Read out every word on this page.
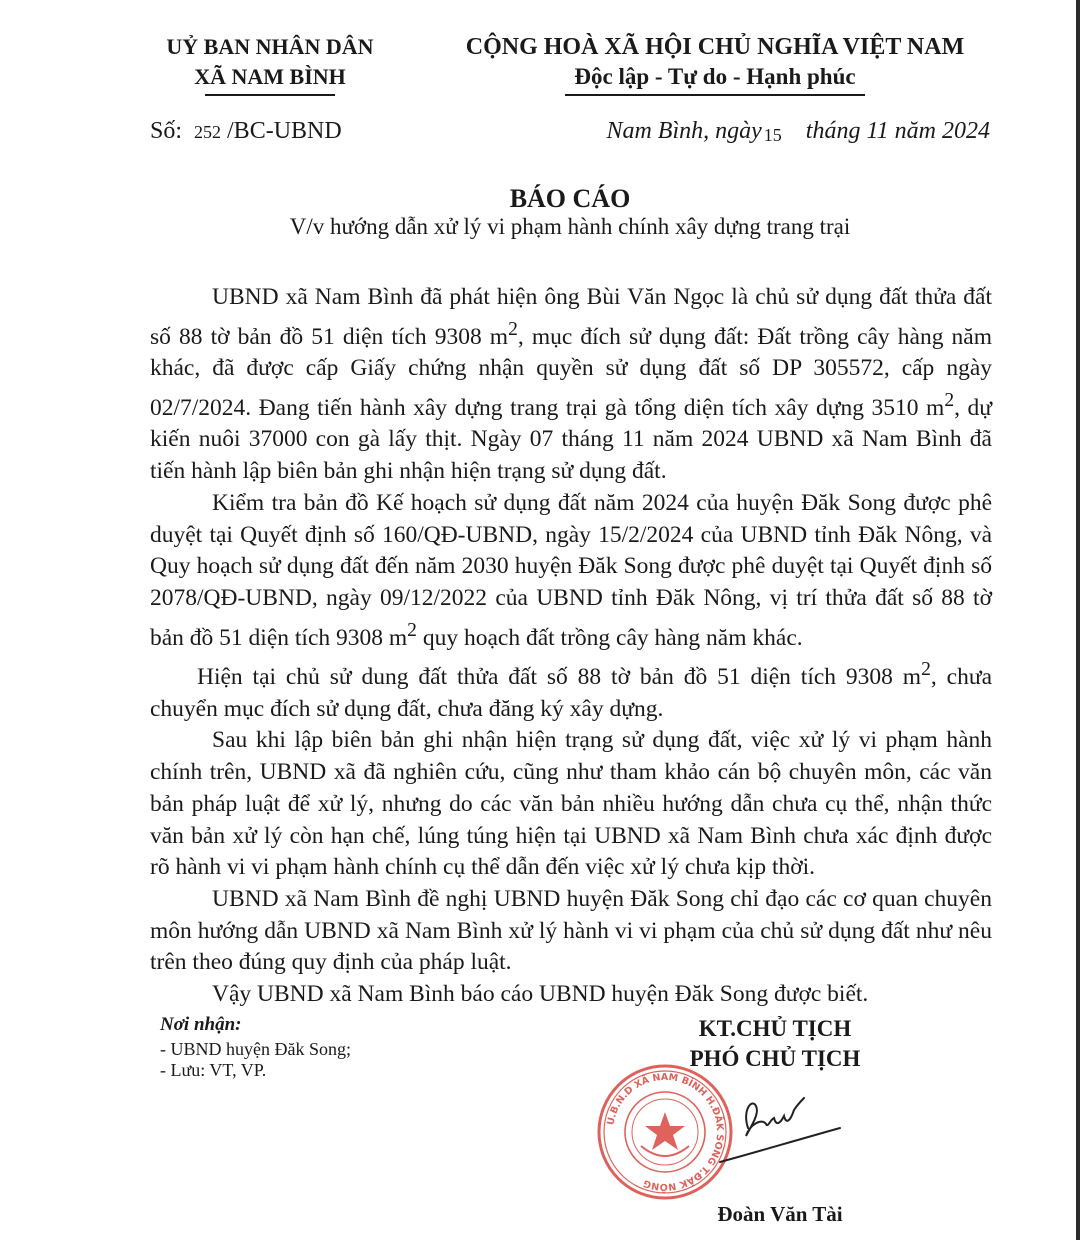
UỶ BAN NHÂN DÂN
XÃ NAM BÌNH
CỘNG HOÀ XÃ HỘI CHỦ NGHĨA VIỆT NAM
Độc lập - Tự do - Hạnh phúc
Số: 252 /BC-UBND	Nam Bình, ngày 15 tháng 11 năm 2024
BÁO CÁO
V/v hướng dẫn xử lý vi phạm hành chính xây dựng trang trại

UBND xã Nam Bình đã phát hiện ông Bùi Văn Ngọc là chủ sử dụng đất thửa đất số 88 tờ bản đồ 51 diện tích 9308 $m^2$, mục đích sử dụng đất: Đất trồng cây hàng năm khác, đã được cấp Giấy chứng nhận quyền sử dụng đất số DP 305572, cấp ngày 02/7/2024. Đang tiến hành xây dựng trang trại gà tổng diện tích xây dựng 3510 $m^2$, dự kiến nuôi 37000 con gà lấy thịt. Ngày 07 tháng 11 năm 2024 UBND xã Nam Bình đã tiến hành lập biên bản ghi nhận hiện trạng sử dụng đất.

Kiểm tra bản đồ Kế hoạch sử dụng đất năm 2024 của huyện Đăk Song được phê duyệt tại Quyết định số 160/QĐ-UBND, ngày 15/2/2024 của UBND tỉnh Đăk Nông, và Quy hoạch sử dụng đất đến năm 2030 huyện Đăk Song được phê duyệt tại Quyết định số 2078/QĐ-UBND, ngày 09/12/2022 của UBND tỉnh Đăk Nông, vị trí thửa đất số 88 tờ bản đồ 51 diện tích 9308 $m^2$ quy hoạch đất trồng cây hàng năm khác.

Hiện tại chủ sử dung đất thửa đất số 88 tờ bản đồ 51 diện tích 9308 $m^2$, chưa chuyển mục đích sử dụng đất, chưa đăng ký xây dựng.

Sau khi lập biên bản ghi nhận hiện trạng sử dụng đất, việc xử lý vi phạm hành chính trên, UBND xã đã nghiên cứu, cũng như tham khảo cán bộ chuyên môn, các văn bản pháp luật để xử lý, nhưng do các văn bản nhiều hướng dẫn chưa cụ thể, nhận thức văn bản xử lý còn hạn chế, lúng túng hiện tại UBND xã Nam Bình chưa xác định được rõ hành vi vi phạm hành chính cụ thể dẫn đến việc xử lý chưa kịp thời.

UBND xã Nam Bình đề nghị UBND huyện Đăk Song chỉ đạo các cơ quan chuyên môn hướng dẫn UBND xã Nam Bình xử lý hành vi vi phạm của chủ sử dụng đất như nêu trên theo đúng quy định của pháp luật.

Vậy UBND xã Nam Bình báo cáo UBND huyện Đăk Song được biết.

Nơi nhận:
- UBND huyện Đăk Song;
- Lưu: VT, VP.
KT.CHỦ TỊCH
PHÓ CHỦ TỊCH
U.B.N.D XÃ NAM BÌNH H.ĐĂK SONG T.ĐĂK NÔNG
Đoàn Văn Tài
